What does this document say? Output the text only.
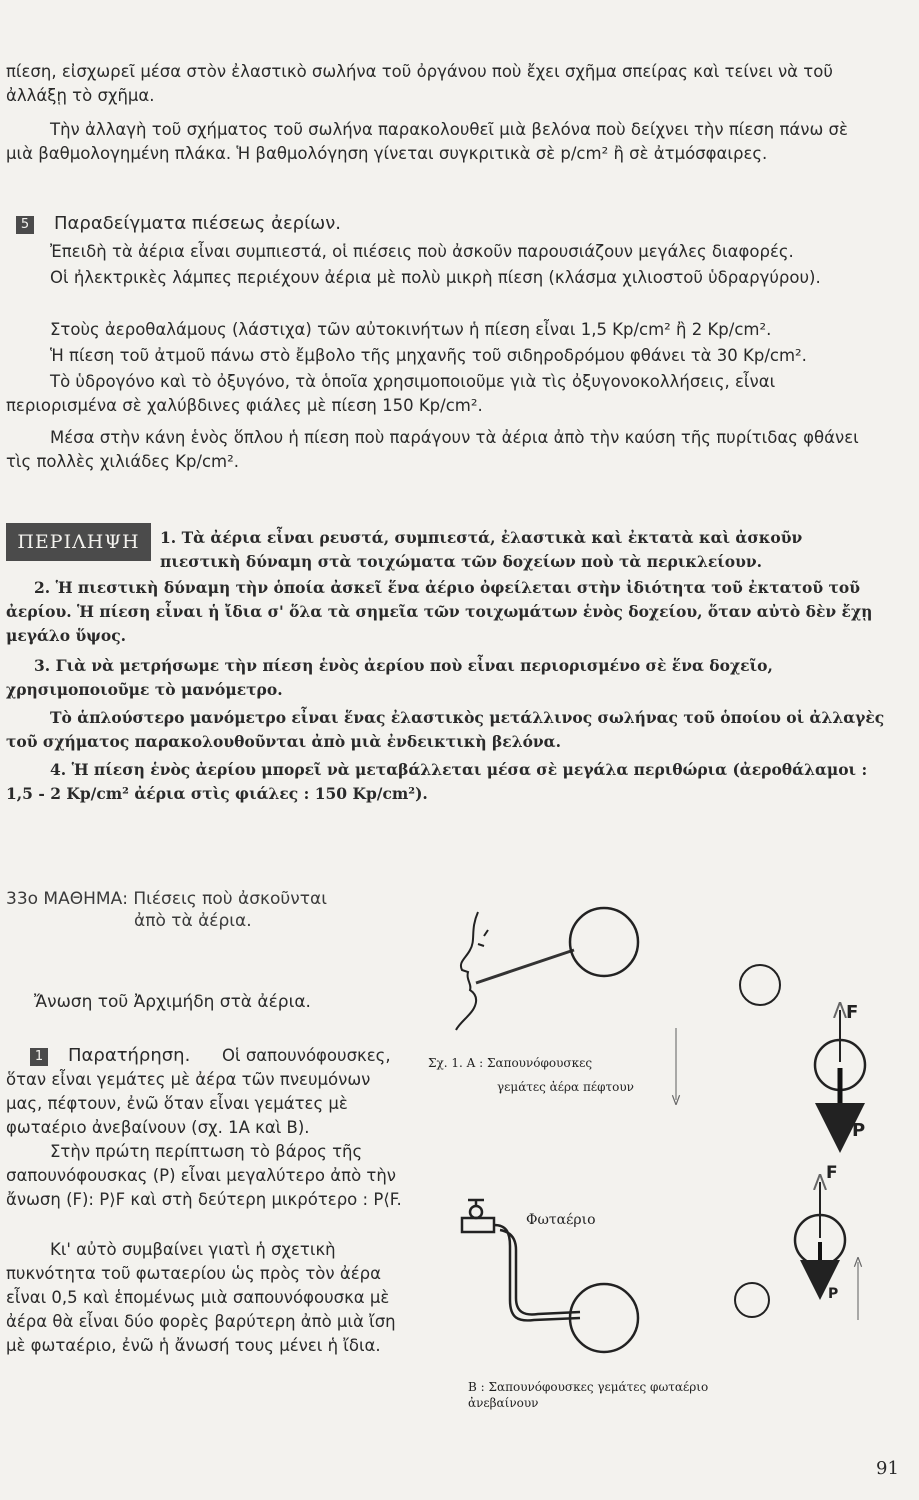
πίεση, εἰσχωρεῖ μέσα στὸν ἐλαστικὸ σωλήνα τοῦ ὀργάνου ποὺ ἔχει σχῆμα σπείρας καὶ τείνει νὰ τοῦ ἀλλάξῃ τὸ σχῆμα.

Τὴν ἀλλαγὴ τοῦ σχήματος τοῦ σωλήνα παρακολουθεῖ μιὰ βελόνα ποὺ δείχνει τὴν πίεση πάνω σὲ μιὰ βαθμολογημένη πλάκα. Ἡ βαθμολόγηση γίνεται συγκριτικὰ σὲ p/cm² ἢ σὲ ἀτμόσφαιρες.

5 Παραδείγματα πιέσεως ἀερίων.

Ἐπειδὴ τὰ ἀέρια εἶναι συμπιεστά, οἱ πιέσεις ποὺ ἀσκοῦν παρουσιάζουν μεγάλες διαφορές.

Οἱ ἠλεκτρικὲς λάμπες περιέχουν ἀέρια μὲ πολὺ μικρὴ πίεση (κλάσμα χιλιοστοῦ ὑδραργύρου).

Στοὺς ἀεροθαλάμους (λάστιχα) τῶν αὐτοκινήτων ἡ πίεση εἶναι 1,5 Kp/cm² ἢ 2 Kp/cm².

Ἡ πίεση τοῦ ἀτμοῦ πάνω στὸ ἔμβολο τῆς μηχανῆς τοῦ σιδηροδρόμου φθάνει τὰ 30 Kp/cm².

Τὸ ὑδρογόνο καὶ τὸ ὀξυγόνο, τὰ ὁποῖα χρησιμοποιοῦμε γιὰ τὶς ὀξυγονοκολλήσεις, εἶναι περιορισμένα σὲ χαλύβδινες φιάλες μὲ πίεση 150 Kp/cm².

Μέσα στὴν κάνη ἑνὸς ὅπλου ἡ πίεση ποὺ παράγουν τὰ ἀέρια ἀπὸ τὴν καύση τῆς πυρίτιδας φθάνει τὶς πολλὲς χιλιάδες Kp/cm².

ΠΕΡΙΛΗΨΗ	1. Τὰ ἀέρια εἶναι ρευστά, συμπιεστά, ἐλαστικὰ καὶ ἐκτατὰ καὶ ἀσκοῦν πιεστικὴ δύναμη στὰ τοιχώματα τῶν δοχείων ποὺ τὰ περικλείουν.

2. Ἡ πιεστικὴ δύναμη τὴν ὁποία ἀσκεῖ ἕνα ἀέριο ὀφείλεται στὴν ἰδιότητα τοῦ ἐκτατοῦ τοῦ ἀερίου. Ἡ πίεση εἶναι ἡ ἴδια σ' ὅλα τὰ σημεῖα τῶν τοιχωμάτων ἑνὸς δοχείου, ὅταν αὐτὸ δὲν ἔχῃ μεγάλο ὕψος.

3. Γιὰ νὰ μετρήσωμε τὴν πίεση ἑνὸς ἀερίου ποὺ εἶναι περιορισμένο σὲ ἕνα δοχεῖο, χρησιμοποιοῦμε τὸ μανόμετρο.

Τὸ ἁπλούστερο μανόμετρο εἶναι ἕνας ἐλαστικὸς μετάλλινος σωλήνας τοῦ ὁποίου οἱ ἀλλαγὲς τοῦ σχήματος παρακολουθοῦνται ἀπὸ μιὰ ἐνδεικτικὴ βελόνα.

4. Ἡ πίεση ἑνὸς ἀερίου μπορεῖ νὰ μεταβάλλεται μέσα σὲ μεγάλα περιθώρια (ἀεροθάλαμοι : 1,5 - 2 Kp/cm² ἀέρια στὶς φιάλες : 150 Kp/cm²).

33ο ΜΑΘΗΜΑ: Πιέσεις ποὺ ἀσκοῦνται
ἀπὸ τὰ ἀέρια.
Ἄνωση τοῦ Ἀρχιμήδη στὰ ἀέρια.
1 Παρατήρηση.	Οἱ σαπουνόφουσκες, ὅταν εἶναι γεμάτες μὲ ἀέρα τῶν πνευμόνων μας, πέφτουν, ἐνῶ ὅταν εἶναι γεμάτες μὲ φωταέριο ἀνεβαίνουν (σχ. 1Α καὶ Β).

Στὴν πρώτη περίπτωση τὸ βάρος τῆς σαπουνόφουσκας (P) εἶναι μεγαλύτερο ἀπὸ τὴν ἄνωση (F): P⟩F καὶ στὴ δεύτερη μικρότερο : P⟨F.

Κι' αὐτὸ συμβαίνει γιατὶ ἡ σχετικὴ πυκνότητα τοῦ φωταερίου ὡς πρὸς τὸν ἀέρα εἶναι 0,5 καὶ ἑπομένως μιὰ σαπουνόφουσκα μὲ ἀέρα θὰ εἶναι δύο φορὲς βαρύτερη ἀπὸ μιὰ ἴση μὲ φωταέριο, ἐνῶ ἡ ἄνωσή τους μένει ἡ ἴδια.

F
P
F
P
Σχ. 1. Α : Σαπουνόφουσκες
γεμάτες ἀέρα πέφτουν
Φωταέριο
Β : Σαπουνόφουσκες γεμάτες φωταέριο
ἀνεβαίνουν
91
